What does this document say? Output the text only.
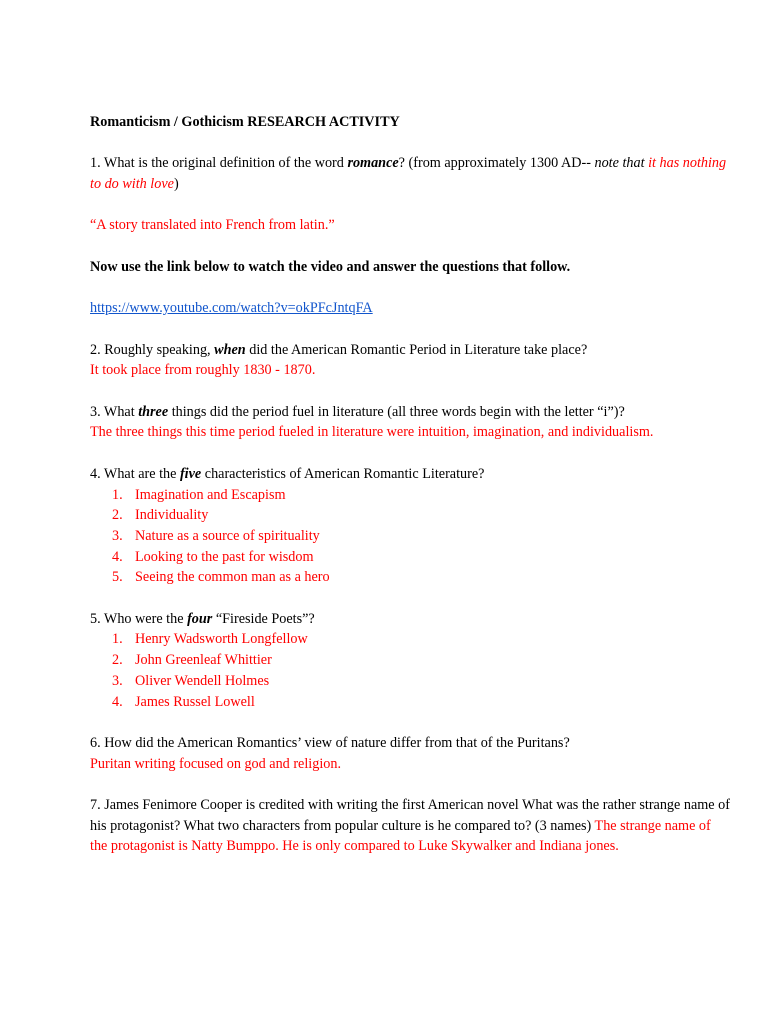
Romanticism / Gothicism RESEARCH ACTIVITY

1. What is the original definition of the word romance? (from approximately 1300 AD-- note that it has nothing to do with love)

“A story translated into French from latin.”

Now use the link below to watch the video and answer the questions that follow.

https://www.youtube.com/watch?v=okPFcJntqFA

2. Roughly speaking, when did the American Romantic Period in Literature take place?

It took place from roughly 1830 - 1870.

3. What three things did the period fuel in literature (all three words begin with the letter “i”)?

The three things this time period fueled in literature were intuition, imagination, and individualism.

4. What are the five characteristics of American Romantic Literature?

1. Imagination and Escapism
2. Individuality
3. Nature as a source of spirituality
4. Looking to the past for wisdom
5. Seeing the common man as a hero

5. Who were the four “Fireside Poets”?

1. Henry Wadsworth Longfellow
2. John Greenleaf Whittier
3. Oliver Wendell Holmes
4. James Russel Lowell

6. How did the American Romantics’ view of nature differ from that of the Puritans?

Puritan writing focused on god and religion.

7. James Fenimore Cooper is credited with writing the first American novel What was the rather strange name of his protagonist? What two characters from popular culture is he compared to? (3 names) The strange name of the protagonist is Natty Bumppo. He is only compared to Luke Skywalker and Indiana jones.
